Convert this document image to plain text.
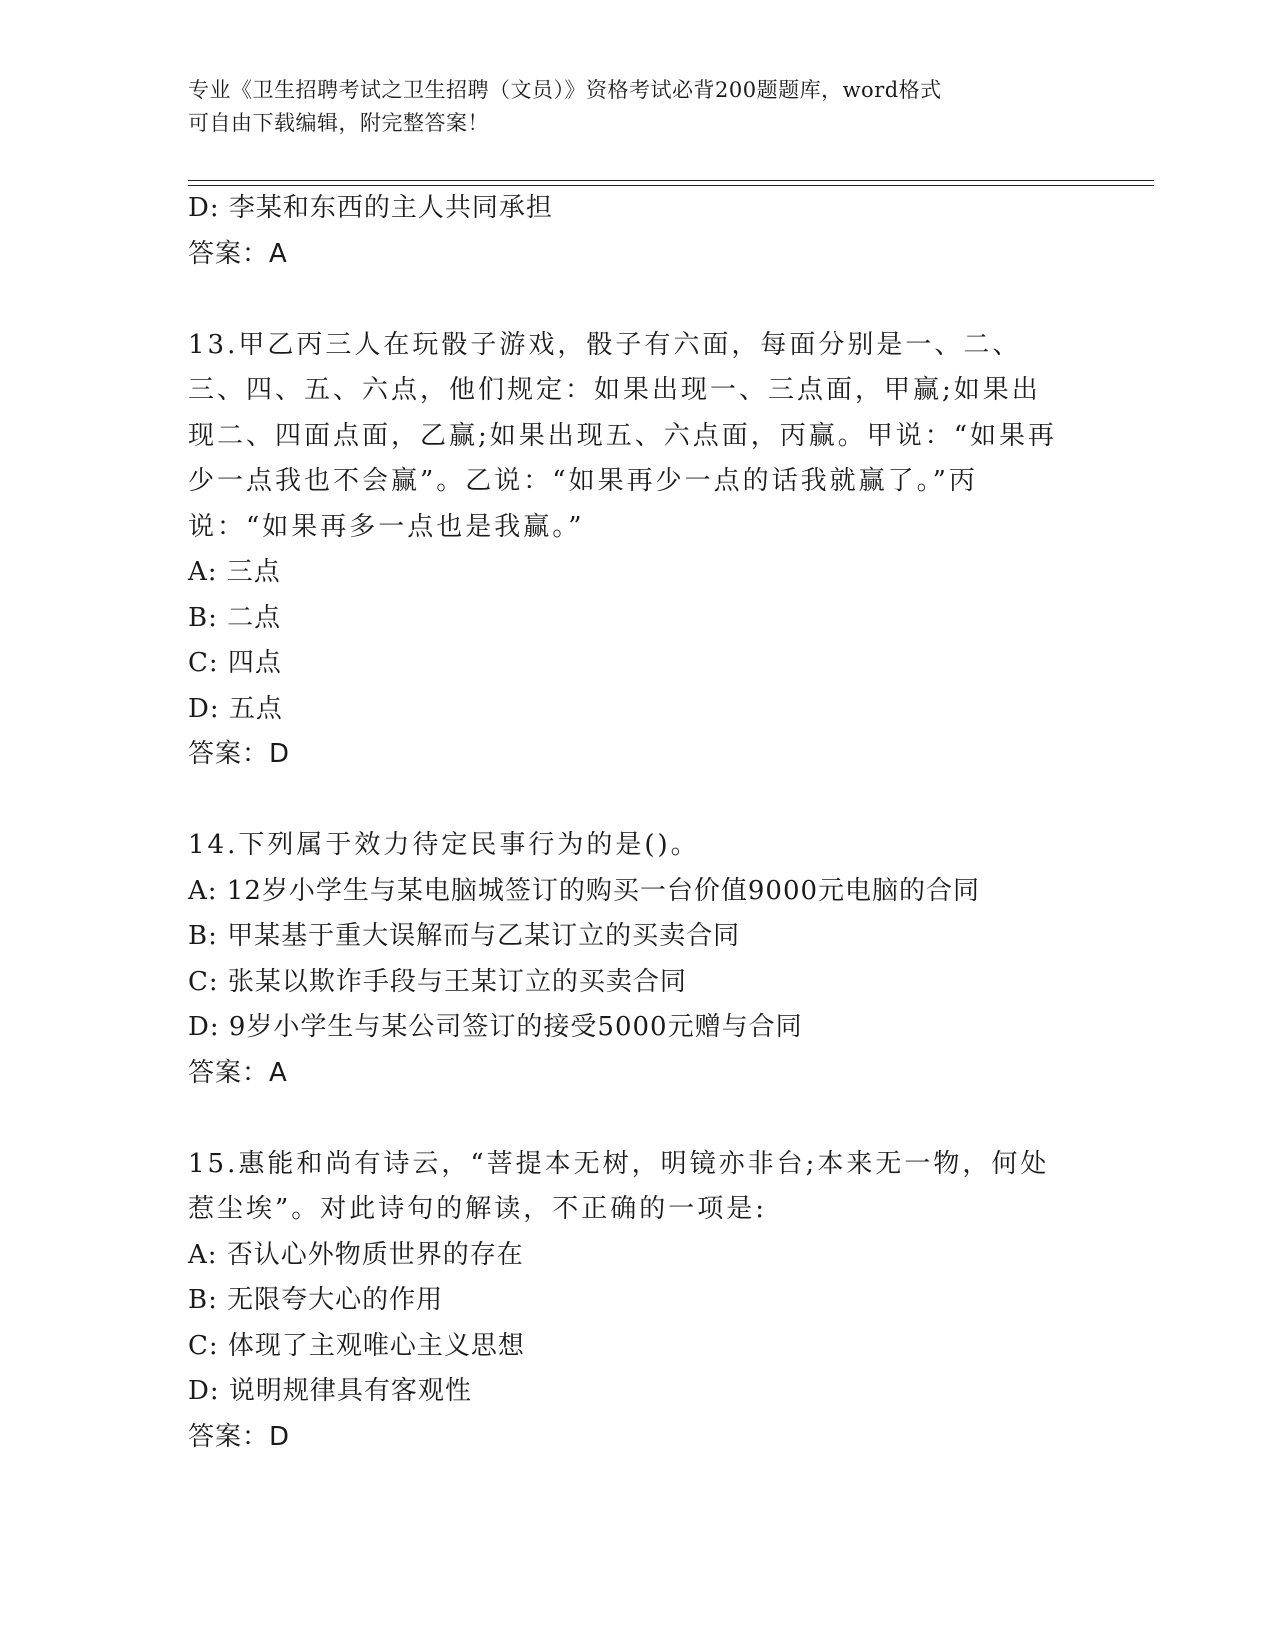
专业《卫生招聘考试之卫生招聘（文员）》资格考试必背200题题库，word格式
可自由下载编辑，附完整答案！
D: 李某和东西的主人共同承担
答案：A
13.甲乙丙三人在玩骰子游戏，骰子有六面，每面分别是一、二、三、四、五、六点，他们规定：如果出现一、三点面，甲赢;如果出现二、四面点面，乙赢;如果出现五、六点面，丙赢。甲说：“如果再少一点我也不会赢”。乙说：“如果再少一点的话我就赢了。”丙说：“如果再多一点也是我赢。”
A: 三点
B: 二点
C: 四点
D: 五点
答案：D
14.下列属于效力待定民事行为的是()。
A: 12岁小学生与某电脑城签订的购买一台价值9000元电脑的合同
B: 甲某基于重大误解而与乙某订立的买卖合同
C: 张某以欺诈手段与王某订立的买卖合同
D: 9岁小学生与某公司签订的接受5000元赠与合同
答案：A
15.惠能和尚有诗云，“菩提本无树，明镜亦非台;本来无一物，何处惹尘埃”。对此诗句的解读，不正确的一项是:
A: 否认心外物质世界的存在
B: 无限夸大心的作用
C: 体现了主观唯心主义思想
D: 说明规律具有客观性
答案：D
